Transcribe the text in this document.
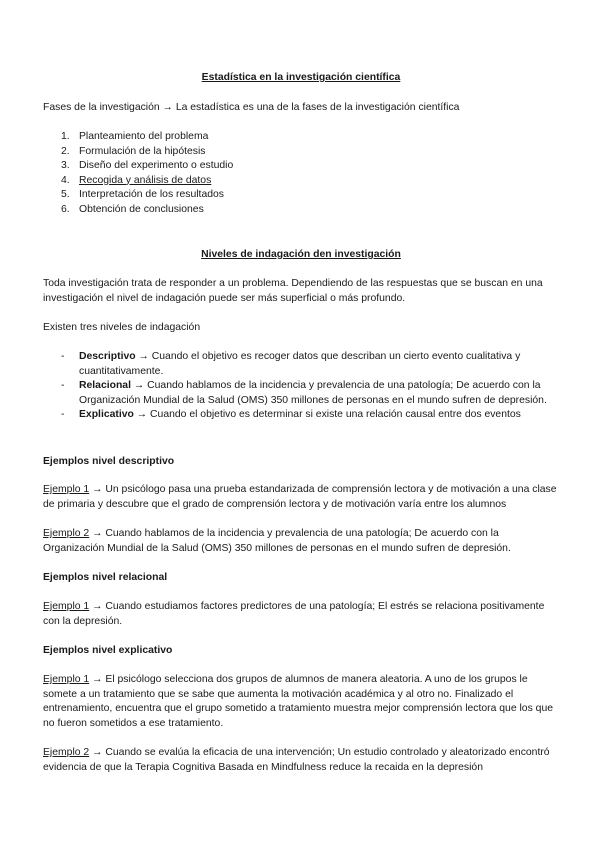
Estadística en la investigación científica

Fases de la investigación → La estadística es una de la fases de la investigación científica

1. Planteamiento del problema
2. Formulación de la hipótesis
3. Diseño del experimento o estudio
4. Recogida y análisis de datos
5. Interpretación de los resultados
6. Obtención de conclusiones

Niveles de indagación den investigación

Toda investigación trata de responder a un problema. Dependiendo de las respuestas que se buscan en una investigación el nivel de indagación puede ser más superficial o más profundo.

Existen tres niveles de indagación

- Descriptivo → Cuando el objetivo es recoger datos que describan un cierto evento cualitativa y cuantitativamente.
- Relacional → Cuando hablamos de la incidencia y prevalencia de una patología; De acuerdo con la Organización Mundial de la Salud (OMS) 350 millones de personas en el mundo sufren de depresión.
- Explicativo → Cuando el objetivo es determinar si existe una relación causal entre dos eventos

Ejemplos nivel descriptivo

Ejemplo 1 → Un psicólogo pasa una prueba estandarizada de comprensión lectora y de motivación a una clase de primaria y descubre que el grado de comprensión lectora y de motivación varía entre los alumnos

Ejemplo 2 → Cuando hablamos de la incidencia y prevalencia de una patología; De acuerdo con la Organización Mundial de la Salud (OMS) 350 millones de personas en el mundo sufren de depresión.

Ejemplos nivel relacional

Ejemplo 1 → Cuando estudiamos factores predictores de una patología; El estrés se relaciona positivamente con la depresión.

Ejemplos nivel explicativo

Ejemplo 1 → El psicólogo selecciona dos grupos de alumnos de manera aleatoria. A uno de los grupos le somete a un tratamiento que se sabe que aumenta la motivación académica y al otro no. Finalizado el entrenamiento, encuentra que el grupo sometido a tratamiento muestra mejor comprensión lectora que los que no fueron sometidos a ese tratamiento.

Ejemplo 2 → Cuando se evalúa la eficacia de una intervención; Un estudio controlado y aleatorizado encontró evidencia de que la Terapia Cognitiva Basada en Mindfulness reduce la recaida en la depresión
